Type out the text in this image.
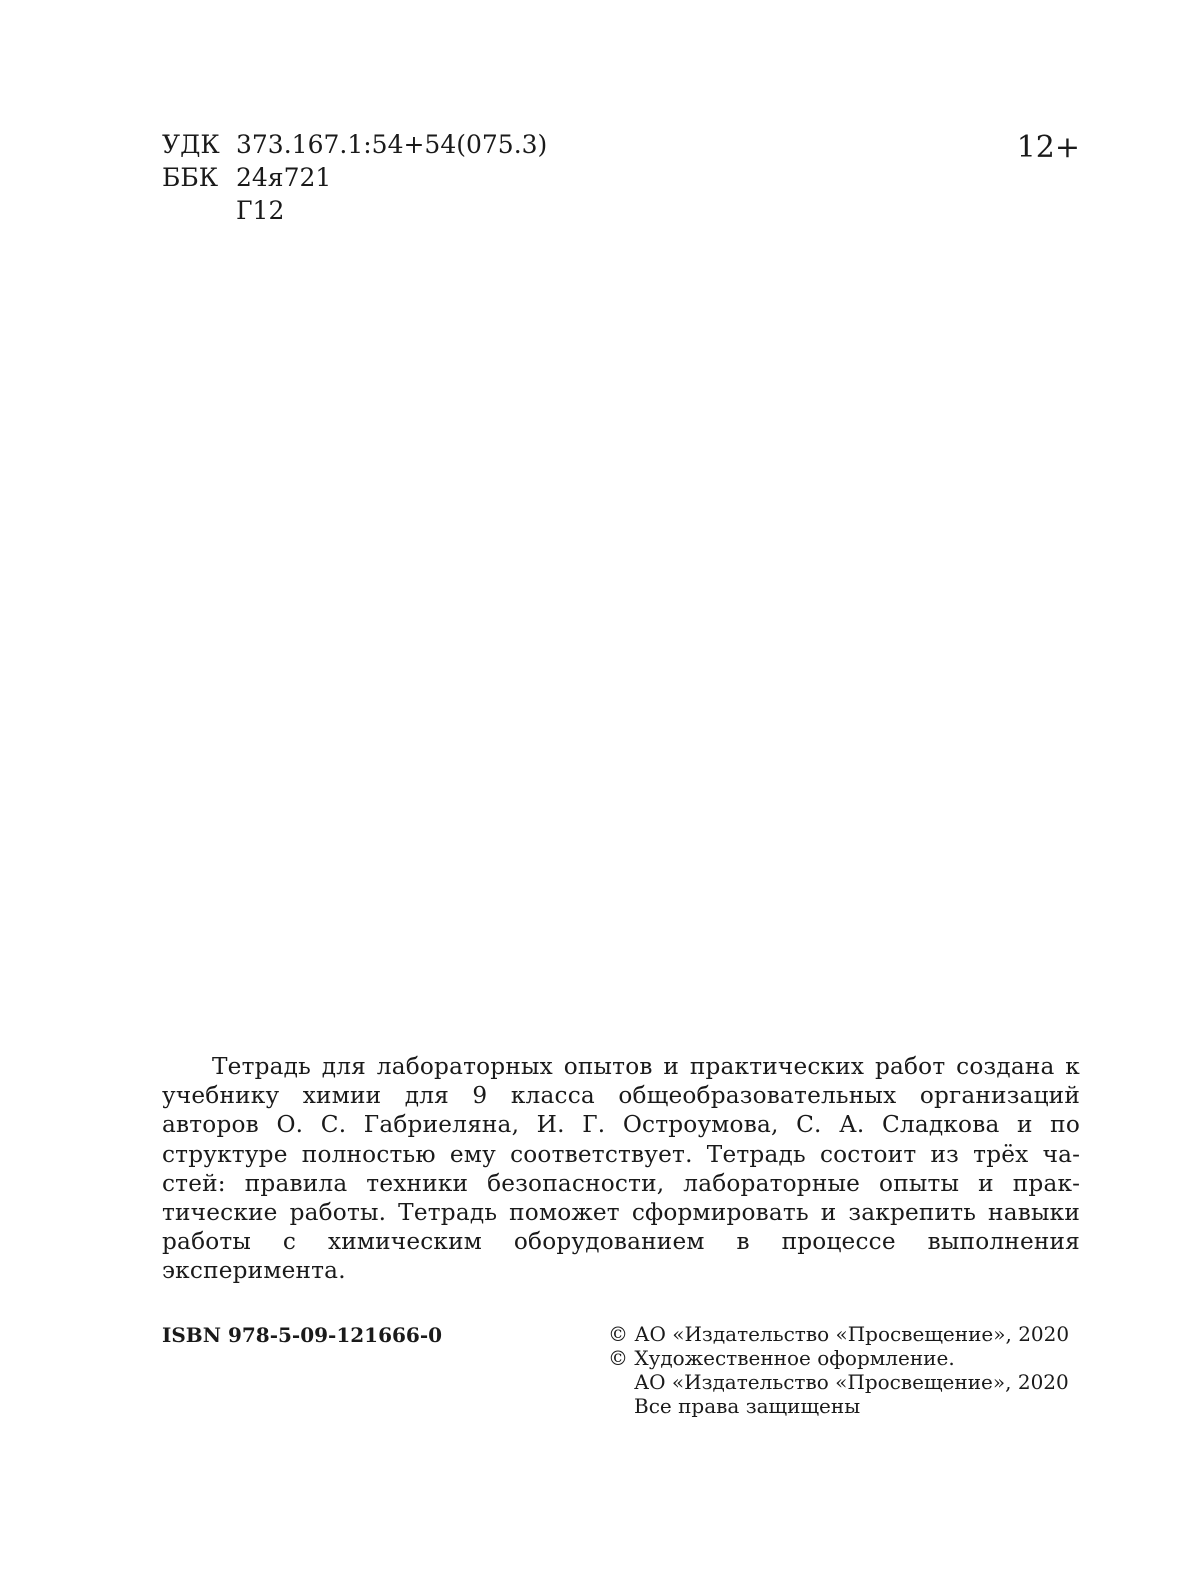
УДК 373.167.1:54+54(075.3)
ББК 24я721
Г12
12+

Тетрадь для лабораторных опытов и практических работ создана к учебнику химии для 9 класса общеобразовательных организаций авторов О. С. Габриеляна, И. Г. Остроумова, С. А. Сладкова и по структуре полностью ему соответствует. Тетрадь состоит из трёх частей: правила техники безопасности, лабораторные опыты и практические работы. Тетрадь поможет сформировать и закрепить навыки работы с химическим оборудованием в процессе выполнения эксперимента.

ISBN 978-5-09-121666-0	© АО «Издательство «Просвещение», 2020
© Художественное оформление.
АО «Издательство «Просвещение», 2020
Все права защищены
